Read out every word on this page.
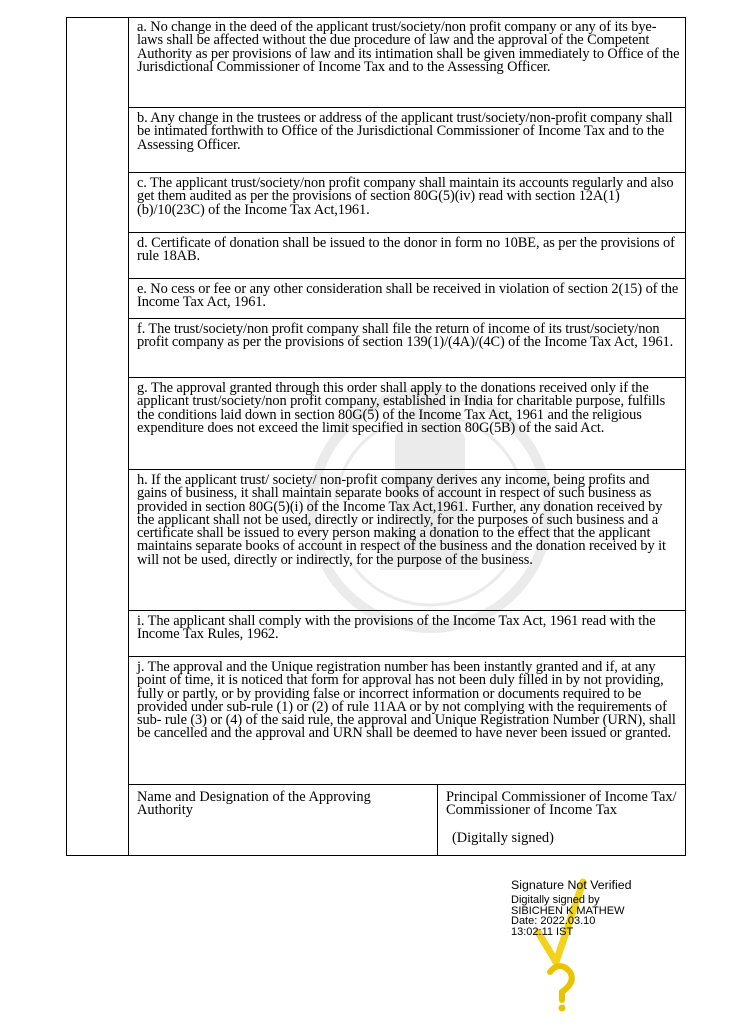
a. No change in the deed of the applicant trust/society/non profit company or any of its bye-laws shall be affected without the due procedure of law and the approval of the Competent Authority as per provisions of law and its intimation shall be given immediately to Office of the Jurisdictional Commissioner of Income Tax and to the Assessing Officer.

b. Any change in the trustees or address of the applicant trust/society/non-profit company shall be intimated forthwith to Office of the Jurisdictional Commissioner of Income Tax and to the Assessing Officer.

c. The applicant trust/society/non profit company shall maintain its accounts regularly and also get them audited as per the provisions of section 80G(5)(iv) read with section 12A(1)(b)/10(23C) of the Income Tax Act,1961.

d. Certificate of donation shall be issued to the donor in form no 10BE, as per the provisions of rule 18AB.

e. No cess or fee or any other consideration shall be received in violation of section 2(15) of the Income Tax Act, 1961.

f. The trust/society/non profit company shall file the return of income of its trust/society/non profit company as per the provisions of section 139(1)/(4A)/(4C) of the Income Tax Act, 1961.

g. The approval granted through this order shall apply to the donations received only if the applicant trust/society/non profit company, established in India for charitable purpose, fulfills the conditions laid down in section 80G(5) of the Income Tax Act, 1961 and the religious expenditure does not exceed the limit specified in section 80G(5B) of the said Act.

h. If the applicant trust/ society/ non-profit company derives any income, being profits and gains of business, it shall maintain separate books of account in respect of such business as provided in section 80G(5)(i) of the Income Tax Act,1961. Further, any donation received by the applicant shall not be used, directly or indirectly, for the purposes of such business and a certificate shall be issued to every person making a donation to the effect that the applicant maintains separate books of account in respect of the business and the donation received by it will not be used, directly or indirectly, for the purpose of the business.

i. The applicant shall comply with the provisions of the Income Tax Act, 1961 read with the Income Tax Rules, 1962.

j. The approval and the Unique registration number has been instantly granted and if, at any point of time, it is noticed that form for approval has not been duly filled in by not providing, fully or partly, or by providing false or incorrect information or documents required to be provided under sub-rule (1) or (2) of rule 11AA or by not complying with the requirements of sub- rule (3) or (4) of the said rule, the approval and Unique Registration Number (URN), shall be cancelled and the approval and URN shall be deemed to have never been issued or granted.

Name and Designation of the Approving Authority
Principal Commissioner of Income Tax/ Commissioner of Income Tax
(Digitally signed)
Signature Not Verified
Digitally signed by
SIBICHEN K MATHEW
Date: 2022.03.10
13:02:11 IST
